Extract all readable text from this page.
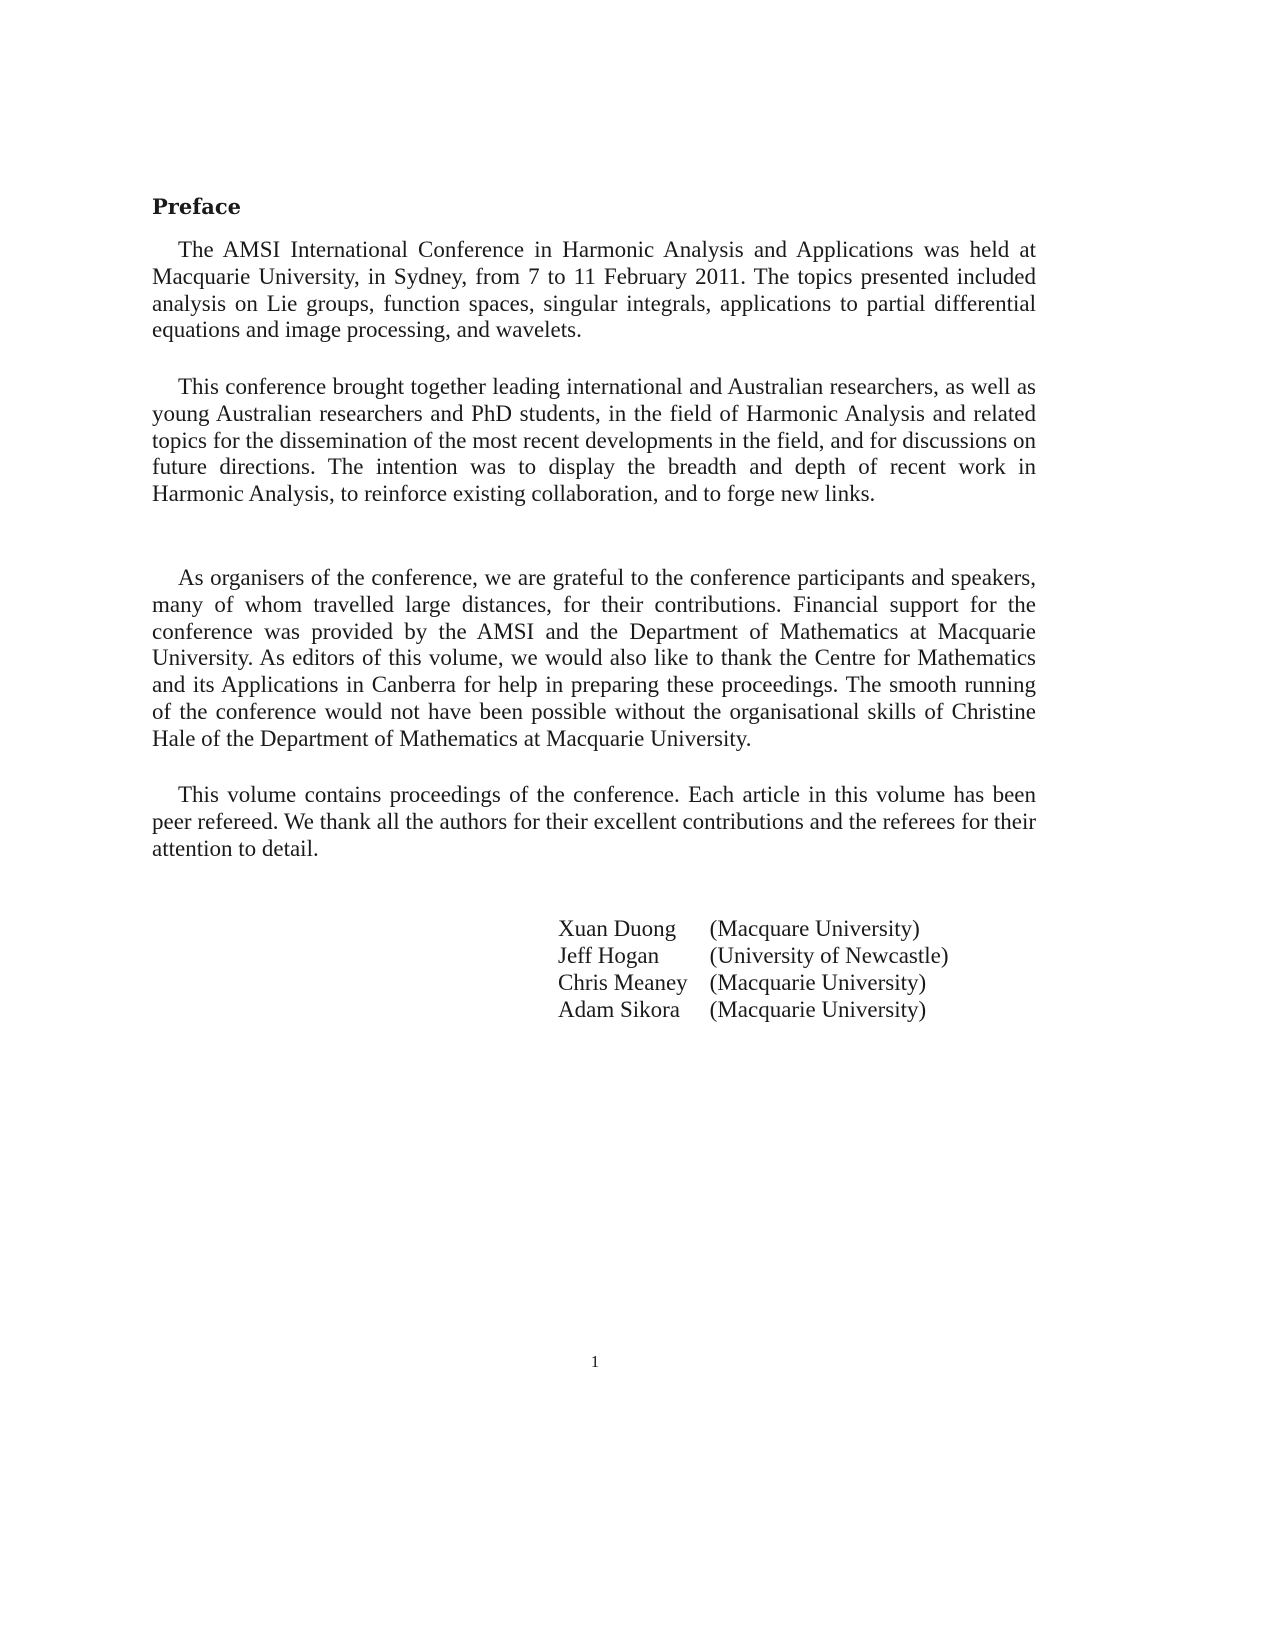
Preface

The AMSI International Conference in Harmonic Analysis and Applications was held at Macquarie University, in Sydney, from 7 to 11 February 2011. The topics presented included analysis on Lie groups, function spaces, singular integrals, applications to partial differential equations and image processing, and wavelets.

This conference brought together leading international and Australian researchers, as well as young Australian researchers and PhD students, in the field of Harmonic Analysis and related topics for the dissemination of the most recent developments in the field, and for discussions on future directions. The intention was to display the breadth and depth of recent work in Harmonic Analysis, to reinforce existing collaboration, and to forge new links.

As organisers of the conference, we are grateful to the conference participants and speakers, many of whom travelled large distances, for their contributions. Financial support for the conference was provided by the AMSI and the Department of Mathematics at Macquarie University. As editors of this volume, we would also like to thank the Centre for Mathematics and its Applications in Canberra for help in preparing these proceedings. The smooth running of the conference would not have been possible without the organisational skills of Christine Hale of the Department of Mathematics at Macquarie University.

This volume contains proceedings of the conference. Each article in this volume has been peer refereed. We thank all the authors for their excellent contributions and the referees for their attention to detail.

Xuan Duong	(Macquare University)
Jeff Hogan	(University of Newcastle)
Chris Meaney	(Macquarie University)
Adam Sikora	(Macquarie University)
1
